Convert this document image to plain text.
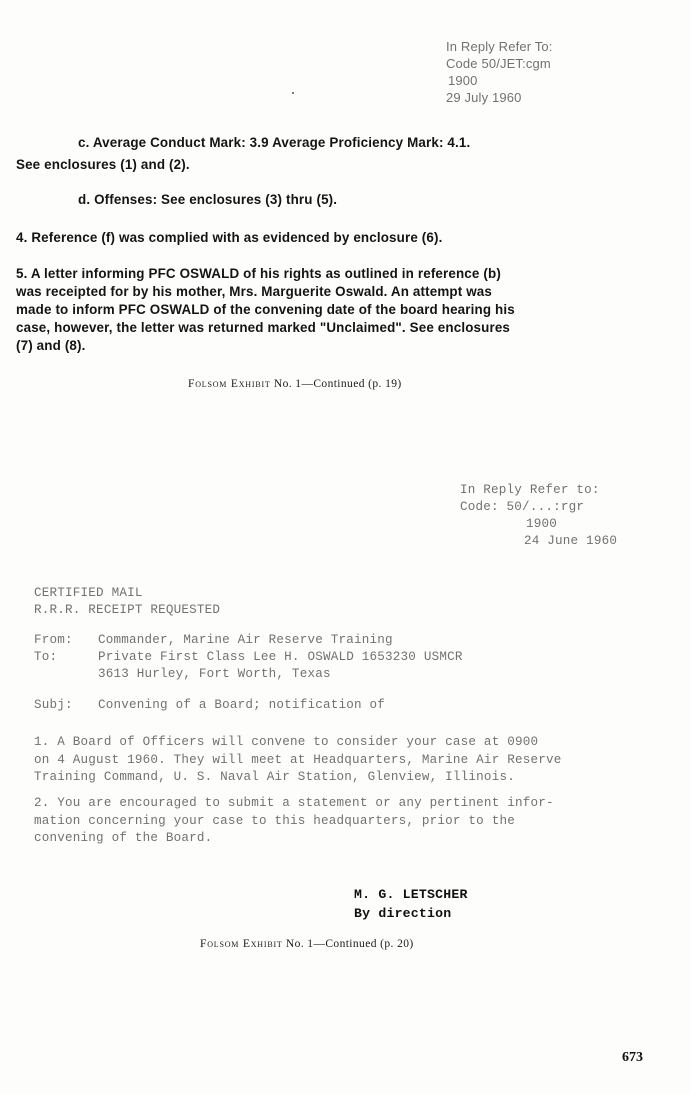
In Reply Refer To:
Code 50/JET:cgm
1900
29 July 1960
c. Average Conduct Mark: 3.9 Average Proficiency Mark: 4.1.
See enclosures (1) and (2).
d. Offenses: See enclosures (3) thru (5).
4. Reference (f) was complied with as evidenced by enclosure (6).
5. A letter informing PFC OSWALD of his rights as outlined in reference (b)
was receipted for by his mother, Mrs. Marguerite Oswald. An attempt was
made to inform PFC OSWALD of the convening date of the board hearing his
case, however, the letter was returned marked "Unclaimed". See enclosures
(7) and (8).
Folsom Exhibit No. 1—Continued (p. 19)
In Reply Refer to:
Code: 50/...:rgr
1900
24 June 1960
CERTIFIED MAIL
R.R.R. RECEIPT REQUESTED
From: Commander, Marine Air Reserve Training
To:	Private First Class Lee H. OSWALD 1653230 USMCR
3613 Hurley, Fort Worth, Texas
Subj: Convening of a Board; notification of
1. A Board of Officers will convene to consider your case at 0900
on 4 August 1960. They will meet at Headquarters, Marine Air Reserve
Training Command, U. S. Naval Air Station, Glenview, Illinois.
2. You are encouraged to submit a statement or any pertinent infor-
mation concerning your case to this headquarters, prior to the
convening of the Board.
M. G. LETSCHER
By direction
Folsom Exhibit No. 1—Continued (p. 20)
673
